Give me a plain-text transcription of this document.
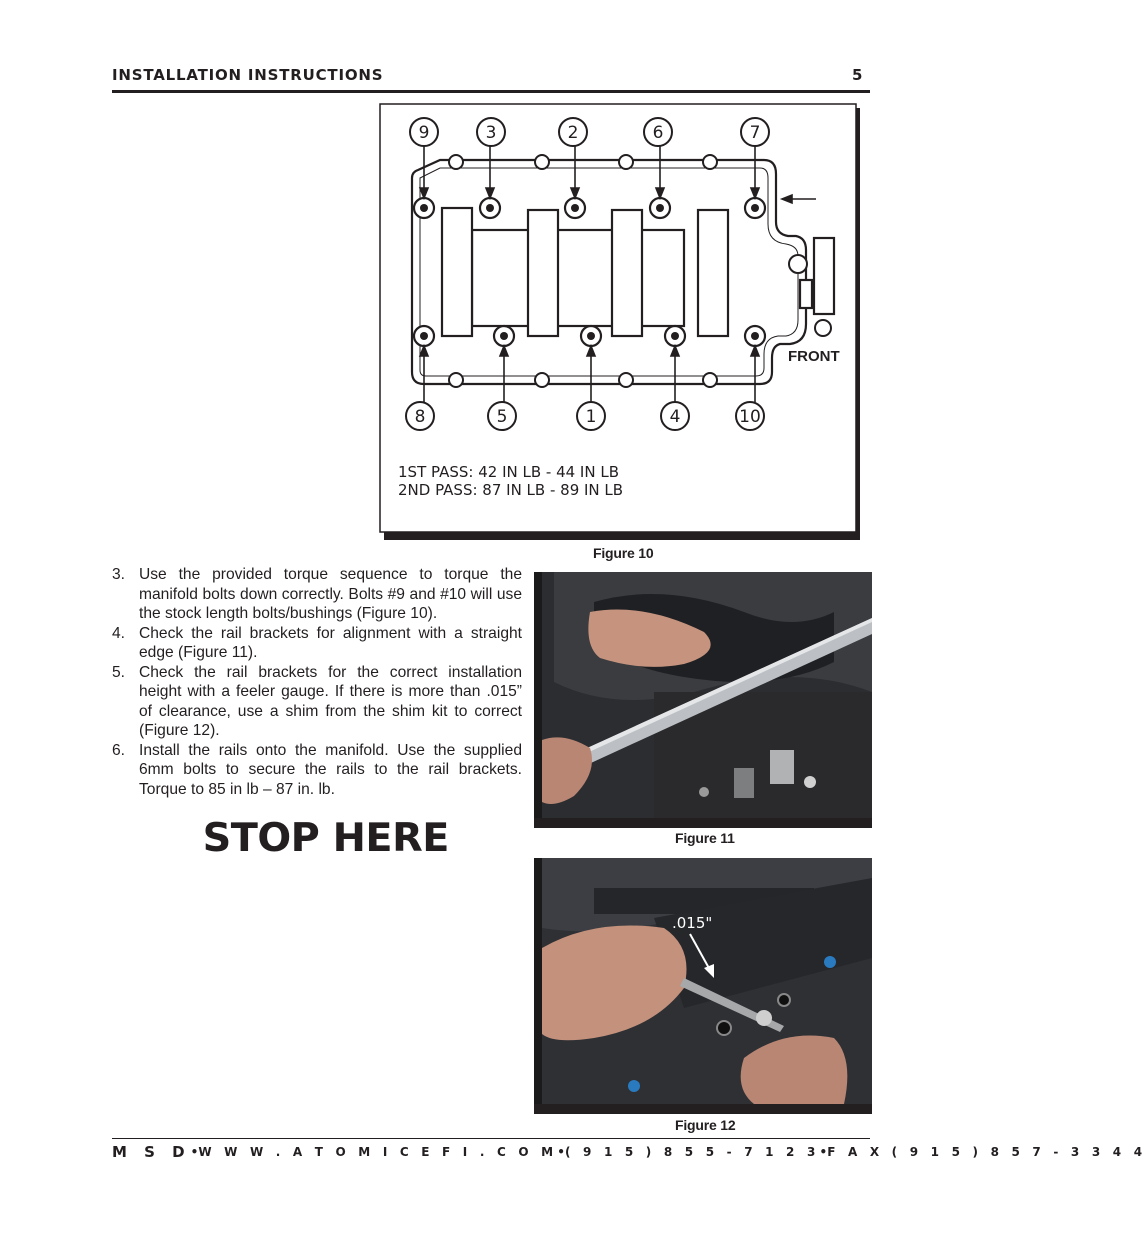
INSTALLATION INSTRUCTIONS	5
9	3	2	6	7
8	5	1	4	10
FRONT
1ST PASS: 42 IN LB - 44 IN LB
2ND PASS: 87 IN LB - 89 IN LB
Figure 10
3. Use the provided torque sequence to torque the manifold bolts down correctly. Bolts #9 and #10 will use the stock length bolts/bushings (Figure 10).
4. Check the rail brackets for alignment with a straight edge (Figure 11).
5. Check the rail brackets for the correct installation height with a feeler gauge. If there is more than .015” of clearance, use a shim from the shim kit to correct (Figure 12).
6. Install the rails onto the manifold. Use the supplied 6mm bolts to secure the rails to the rail brackets. Torque to 85 in lb – 87 in. lb.
STOP HERE	Figure 11
.015"
Figure 12
M S D • W W W . A T O M I C E F I . C O M • ( 9 1 5 ) 8 5 5 - 7 1 2 3 • F A X ( 9 1 5 ) 8 5 7 - 3 3 4 4
